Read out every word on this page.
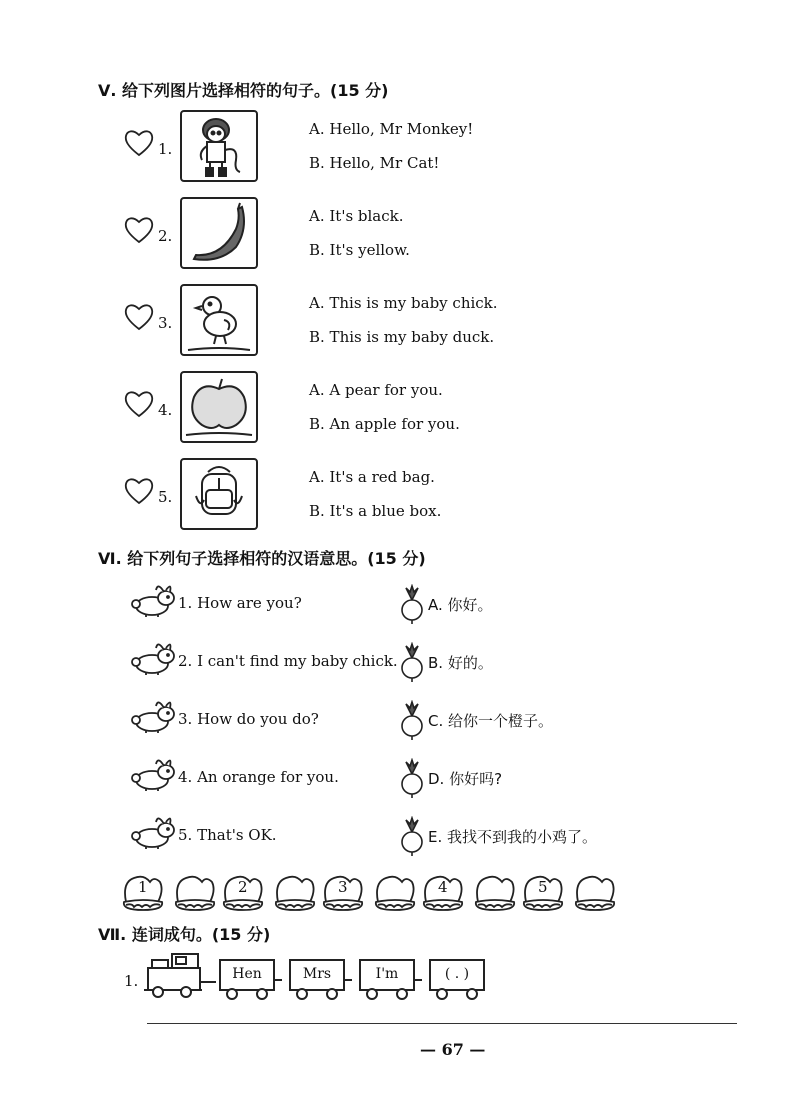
Ⅴ. 给下列图片选择相符的句子。(15 分)
1.
A. Hello, Mr Monkey!
B. Hello, Mr Cat!
2.
A. It's black.
B. It's yellow.
3.
A. This is my baby chick.
B. This is my baby duck.
4.
A. A pear for you.
B. An apple for you.
5.
A. It's a red bag.
B. It's a blue box.
Ⅵ. 给下列句子选择相符的汉语意思。(15 分)
1. How are you?	A. 你好。
2. I can't find my baby chick. B. 好的。
3. How do you do?	C. 给你一个橙子。
4. An orange for you.	D. 你好吗?
5. That's OK.	E. 我找不到我的小鸡了。
1	2	3	4	5
Ⅶ. 连词成句。(15 分)
1.	Hen	Mrs	I'm	( . )
— 67 —
